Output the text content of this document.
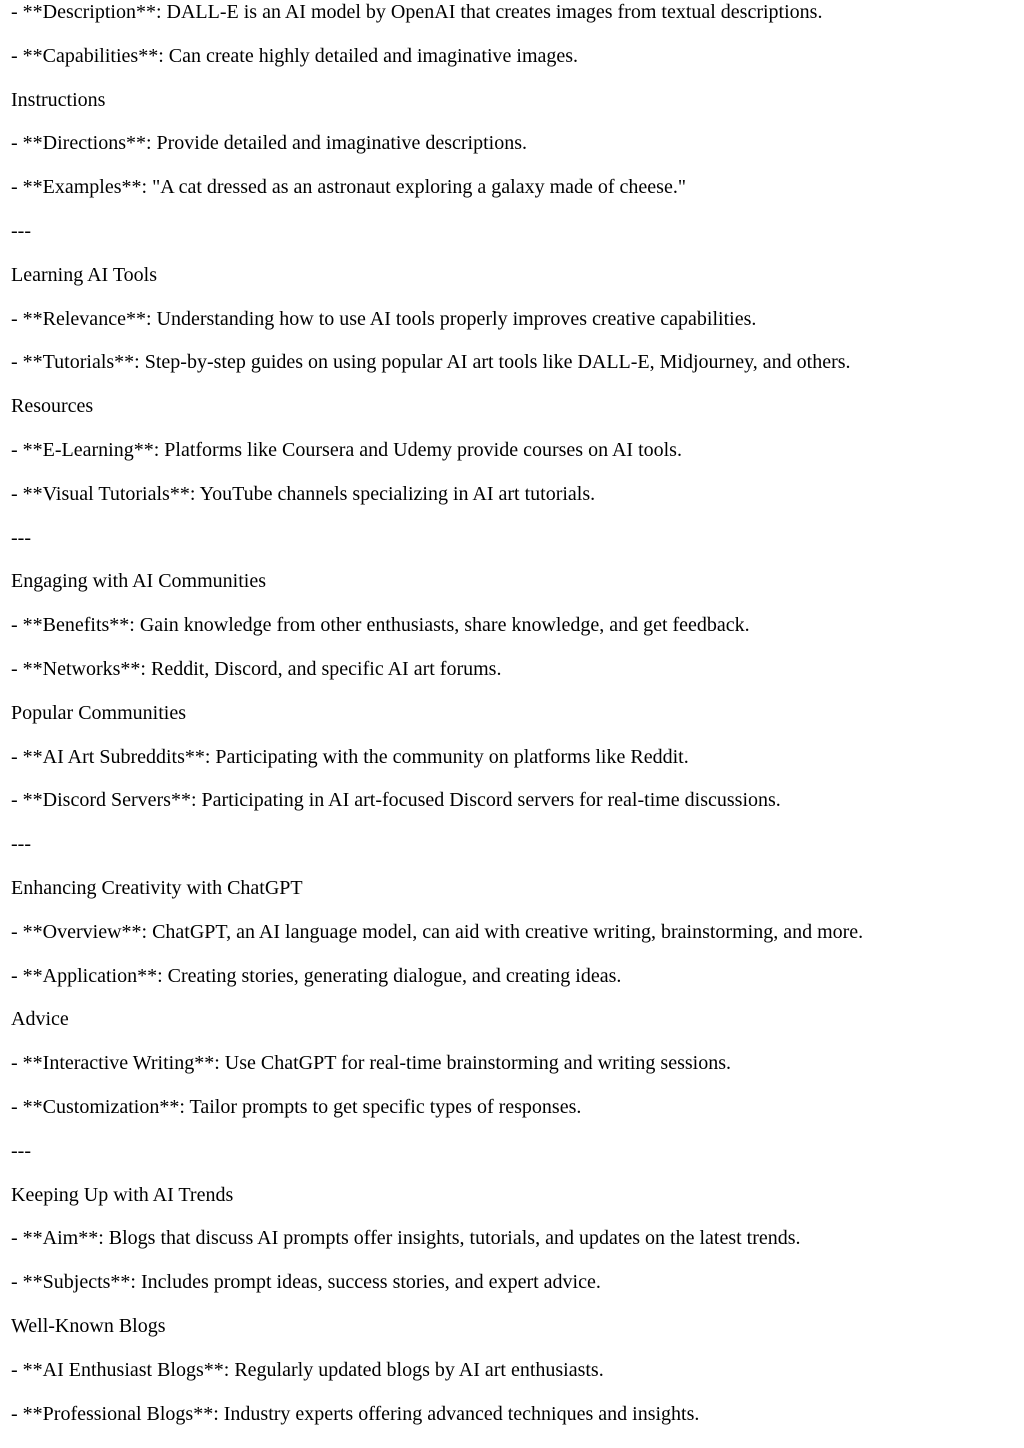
- **Description**: DALL-E is an AI model by OpenAI that creates images from textual descriptions.
- **Capabilities**: Can create highly detailed and imaginative images.
Instructions
- **Directions**: Provide detailed and imaginative descriptions.
- **Examples**: "A cat dressed as an astronaut exploring a galaxy made of cheese."
---
Learning AI Tools
- **Relevance**: Understanding how to use AI tools properly improves creative capabilities.
- **Tutorials**: Step-by-step guides on using popular AI art tools like DALL-E, Midjourney, and others.
Resources
- **E-Learning**: Platforms like Coursera and Udemy provide courses on AI tools.
- **Visual Tutorials**: YouTube channels specializing in AI art tutorials.
---
Engaging with AI Communities
- **Benefits**: Gain knowledge from other enthusiasts, share knowledge, and get feedback.
- **Networks**: Reddit, Discord, and specific AI art forums.
Popular Communities
- **AI Art Subreddits**: Participating with the community on platforms like Reddit.
- **Discord Servers**: Participating in AI art-focused Discord servers for real-time discussions.
---
Enhancing Creativity with ChatGPT
- **Overview**: ChatGPT, an AI language model, can aid with creative writing, brainstorming, and more.
- **Application**: Creating stories, generating dialogue, and creating ideas.
Advice
- **Interactive Writing**: Use ChatGPT for real-time brainstorming and writing sessions.
- **Customization**: Tailor prompts to get specific types of responses.
---
Keeping Up with AI Trends
- **Aim**: Blogs that discuss AI prompts offer insights, tutorials, and updates on the latest trends.
- **Subjects**: Includes prompt ideas, success stories, and expert advice.
Well-Known Blogs
- **AI Enthusiast Blogs**: Regularly updated blogs by AI art enthusiasts.
- **Professional Blogs**: Industry experts offering advanced techniques and insights.
